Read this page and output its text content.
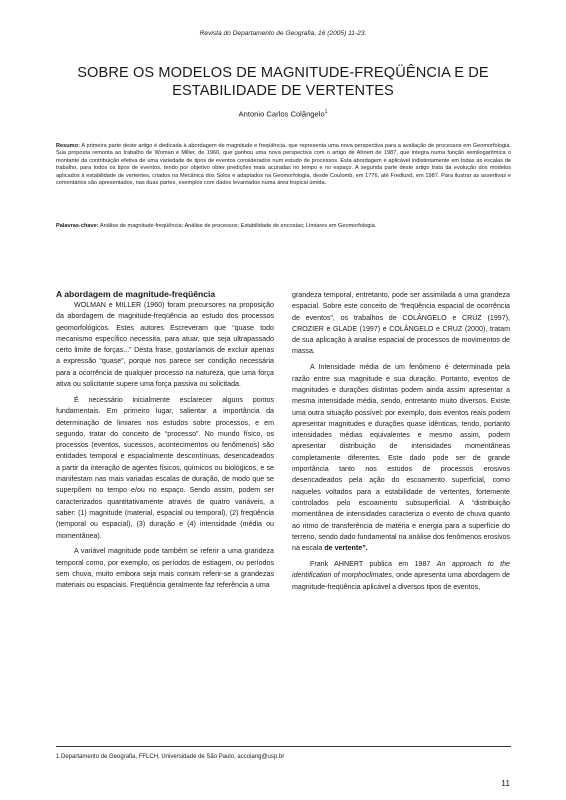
Revista do Departamento de Geografia, 16 (2005) 11-23.
SOBRE OS MODELOS DE MAGNITUDE-FREQÜÊNCIA E DE ESTABILIDADE DE VERTENTES
Antonio Carlos Colângelo$^1$

Resumo: A primeira parte deste artigo é dedicada à abordagem de magnitude e freqüência, que representa uma nova perspectiva para a avaliação de processos em Geomorfologia. Sua proposta remonta ao trabalho de Woman e Miller, de 1960, que ganhou uma nova perspectiva com o artigo de Ahnert de 1987, que integra numa função semilogarítmica o montante da contribuição efetiva de uma variedade de tipos de eventos considerados num estudo de processos. Esta abordagem é aplicável indistintamente em todas as escalas de trabalho, para todos os tipos de eventos, tendo por objetivo obter predições mais acuradas no tempo e no espaço. A segunda parte deste artigo trata da evolução dos modelos aplicados à estabilidade de vertentes, criados na Mecânica dos Solos e adaptados na Geomorfologia, desde Coulomb, em 1776, até Fredlund, em 1987. Para ilustrar as assertivas e comentários são apresentados, nas duas partes, exemplos com dados levantados numa área tropical úmida.

Palavras-chave: Análise de magnitude-freqüência; Análise de processos; Estabilidade de encostas; Limiares em Geomorfologia.

A abordagem de magnitude-freqüência

WOLMAN e MILLER (1960) foram precursores na proposição da abordagem de magnitude-freqüência ao estudo dos processos geomorfológicos. Estes autores Escreveram que “quase todo mecanismo específico necessita, para atuar, que seja ultrapassado certo limite de forças...” Desta frase, gostaríamos de excluir apenas a expressão “quase”, porque nos parece ser condição necessária para a ocorrência de qualquer processo na natureza, que uma força ativa ou solicitante supere uma força passiva ou solicitada.

É necessário inicialmente esclarecer alguns pontos fundamentais. Em primeiro lugar, salientar a importância da determinação de limiares nos estudos sobre processos, e em segundo, tratar do conceito de “processo”. No mundo físico, os processos (eventos, sucessos, acontecimentos ou fenômenos) são entidades temporal e espacialmente descontínuas, desencadeados a partir da interação de agentes físicos, químicos ou biológicos, e se manifestam nas mais variadas escalas de duração, de modo que se superpõem no tempo e/ou no espaço. Sendo assim, podem ser caracterizados quantitativamente através de quatro variáveis, a saber: (1) magnitude (material, espacial ou temporal), (2) freqüência (temporal ou espacial), (3) duração e (4) intensidade (média ou momentânea).

A variável magnitude pode também se referir a uma grandeza temporal como, por exemplo, os períodos de estiagem, ou períodos sem chuva, muito embora seja mais comum referir-se a grandezas materiais ou espaciais. Freqüência geralmente faz referência a uma

grandeza temporal, entretanto, pode ser assimilada a uma grandeza espacial. Sobre este conceito de “freqüência espacial de ocorrência de eventos”, os trabalhos de COLÂNGELO e CRUZ (1997), CROZIER e GLADE (1997) e COLÂNGELO e CRUZ (2000), tratam de sua aplicação à analise espacial de processos de movimentos de massa.

A Intensidade média de um fenômeno é determinada pela razão entre sua magnitude e sua duração. Portanto, eventos de magnitudes e durações distintas podem ainda assim apresentar a mesma intensidade média, sendo, entretanto muito diversos. Existe uma outra situação possível: por exemplo, dois eventos reais podem apresentar magnitudes e durações quase idênticas, tendo, portanto intensidades médias equivalentes e mesmo assim, podem apresentar distribuição de intensidades momentâneas completamente diferentes. Este dado pode ser de grande importância tanto nos estudos de processos erosivos desencadeados pela ação do escoamento superficial, como naqueles voltados para a estabilidade de vertentes, fortemente controlados pelo escoamento subsuperficial. A “distribuição momentânea de intensidades caracteriza o evento de chuva quanto ao ritmo de transferência de matéria e energia para a superfície do terreno, sendo dado fundamental na análise dos fenômenos erosivos na escala de vertente”.

Frank AHNERT publica em 1987 An approach to the identification of morphoclimates, onde apresenta uma abordagem de magnitude-freqüência aplicável a diversos tipos de eventos,

1 Departamento de Geografia, FFLCH, Universidade de São Paulo, accolang@usp.br
11
